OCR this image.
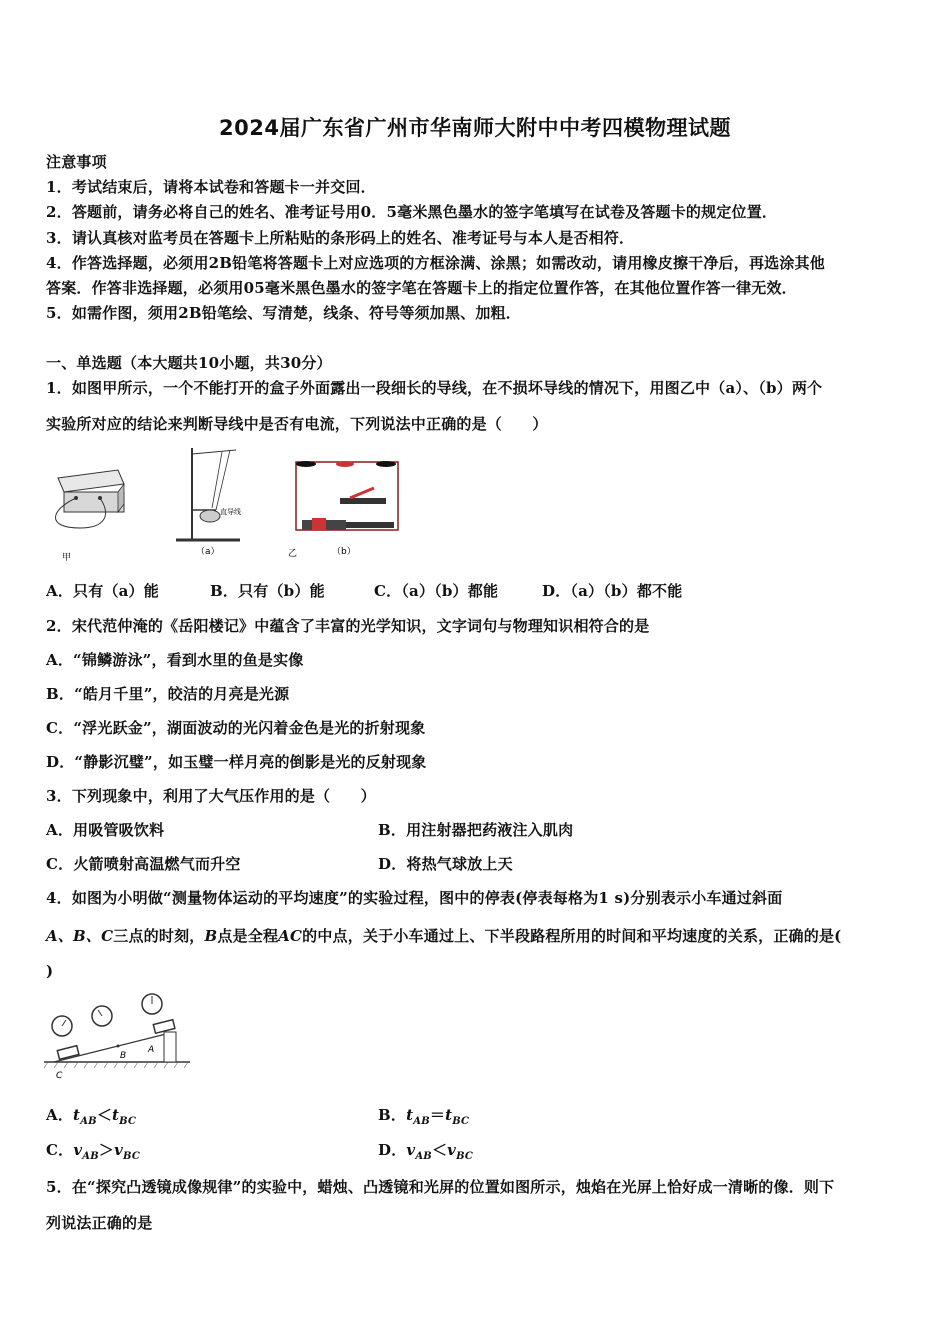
2024届广东省广州市华南师大附中中考四模物理试题
注意事项
1．考试结束后，请将本试卷和答题卡一并交回．
2．答题前，请务必将自己的姓名、准考证号用0．5毫米黑色墨水的签字笔填写在试卷及答题卡的规定位置．
3．请认真核对监考员在答题卡上所粘贴的条形码上的姓名、准考证号与本人是否相符．
4．作答选择题，必须用2B铅笔将答题卡上对应选项的方框涂满、涂黑；如需改动，请用橡皮擦干净后，再选涂其他
答案．作答非选择题，必须用05毫米黑色墨水的签字笔在答题卡上的指定位置作答，在其他位置作答一律无效．
5．如需作图，须用2B铅笔绘、写清楚，线条、符号等须加黑、加粗．
一、单选题（本大题共10小题，共30分）
1．如图甲所示，一个不能打开的盒子外面露出一段细长的导线，在不损坏导线的情况下，用图乙中（a）、（b）两个
实验所对应的结论来判断导线中是否有电流，下列说法中正确的是（　　）
甲
直导线
（a）	乙	（b）
A．只有（a）能	B．只有（b）能	C．（a）（b）都能	D．（a）（b）都不能
2．宋代范仲淹的《岳阳楼记》中蕴含了丰富的光学知识，文字词句与物理知识相符合的是
A．“锦鳞游泳”，看到水里的鱼是实像
B．“皓月千里”，皎洁的月亮是光源
C．“浮光跃金”，湖面波动的光闪着金色是光的折射现象
D．“静影沉璧”，如玉璧一样月亮的倒影是光的反射现象
3．下列现象中，利用了大气压作用的是（　　）
A．用吸管吸饮料	B．用注射器把药液注入肌肉
C．火箭喷射高温燃气而升空	D．将热气球放上天
4．如图为小明做“测量物体运动的平均速度”的实验过程，图中的停表(停表每格为1 s)分别表示小车通过斜面
A、B、C三点的时刻，B点是全程AC的中点，关于小车通过上、下半段路程所用的时间和平均速度的关系，正确的是(
)
B
A
C
A．$t_{AB}<t_{BC}$	B．$t_{AB}=t_{BC}$
C．$v_{AB}>v_{BC}$	D．$v_{AB}<v_{BC}$
5．在“探究凸透镜成像规律”的实验中，蜡烛、凸透镜和光屏的位置如图所示，烛焰在光屏上恰好成一清晰的像．则下
列说法正确的是
